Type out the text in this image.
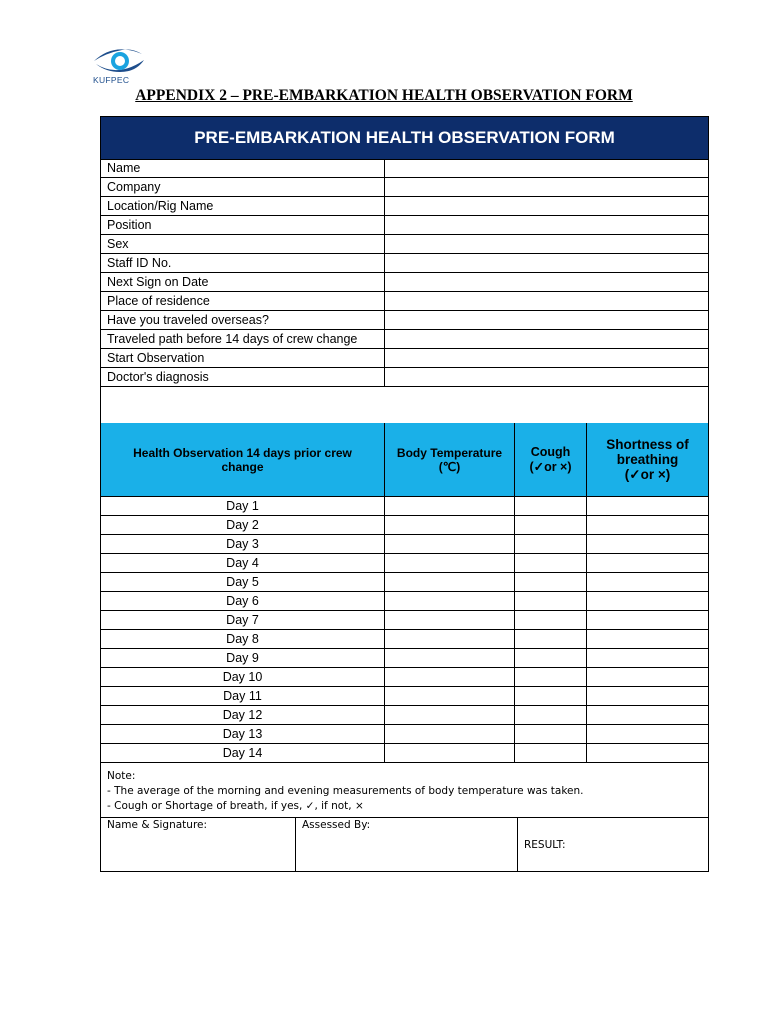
KUFPEC
APPENDIX 2 – PRE-EMBARKATION HEALTH OBSERVATION FORM
PRE-EMBARKATION HEALTH OBSERVATION FORM
Name
Company
Location/Rig Name
Position
Sex
Staff ID No.
Next Sign on Date
Place of residence
Have you traveled overseas?
Traveled path before 14 days of crew change
Start Observation
Doctor's diagnosis
Health Observation 14 days prior crew change
Body Temperature
(℃)
Cough
(✓or ×)
Shortness of breathing
(✓or ×)
Day 1
Day 2
Day 3
Day 4
Day 5
Day 6
Day 7
Day 8
Day 9
Day 10
Day 11
Day 12
Day 13
Day 14
Note:
- The average of the morning and evening measurements of body temperature was taken.
- Cough or Shortage of breath, if yes, ✓, if not, ×
Name & Signature:	Assessed By:
RESULT:
